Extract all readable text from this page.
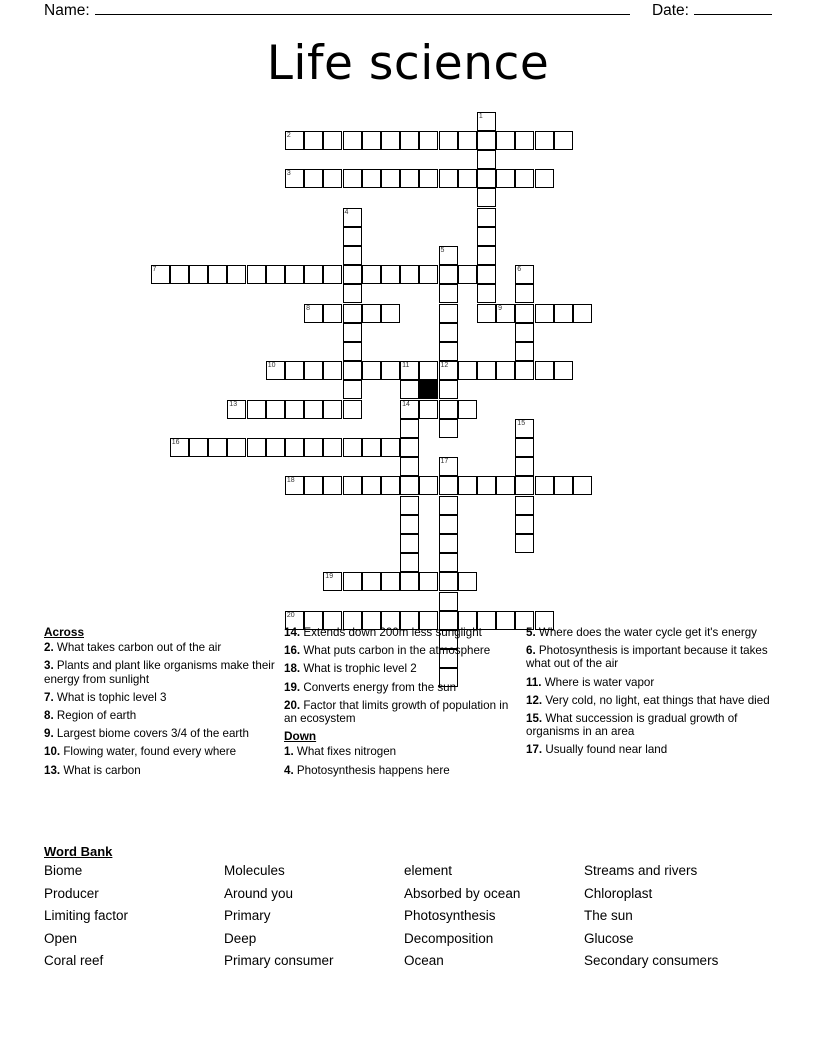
Name:	Date:
Life science
1
2
3
4
5
6
7
8	9
10	11	12
14
13
15
16
17
18
19
20
Across
2. What takes carbon out of the air
3. Plants and plant like organisms make their energy from sunlight
7. What is tophic level 3
8. Region of earth
9. Largest biome covers 3/4 of the earth
10. Flowing water, found every where
13. What is carbon
14. Extends down 200m less sunglight
16. What puts carbon in the atmosphere
18. What is trophic level 2
19. Converts energy from the sun
20. Factor that limits growth of population in an ecosystem
Down
1. What fixes nitrogen
4. Photosynthesis happens here
5. Where does the water cycle get it's energy
6. Photosynthesis is important because it takes what out of the air
11. Where is water vapor
12. Very cold, no light, eat things that have died
15. What succession is gradual growth of organisms in an area
17. Usually found near land
Word Bank
Biome	Molecules	element	Streams and rivers
Producer	Around you	Absorbed by ocean	Chloroplast
Limiting factor	Primary	Photosynthesis	The sun
Open	Deep	Decomposition	Glucose
Coral reef	Primary consumer	Ocean	Secondary consumers
